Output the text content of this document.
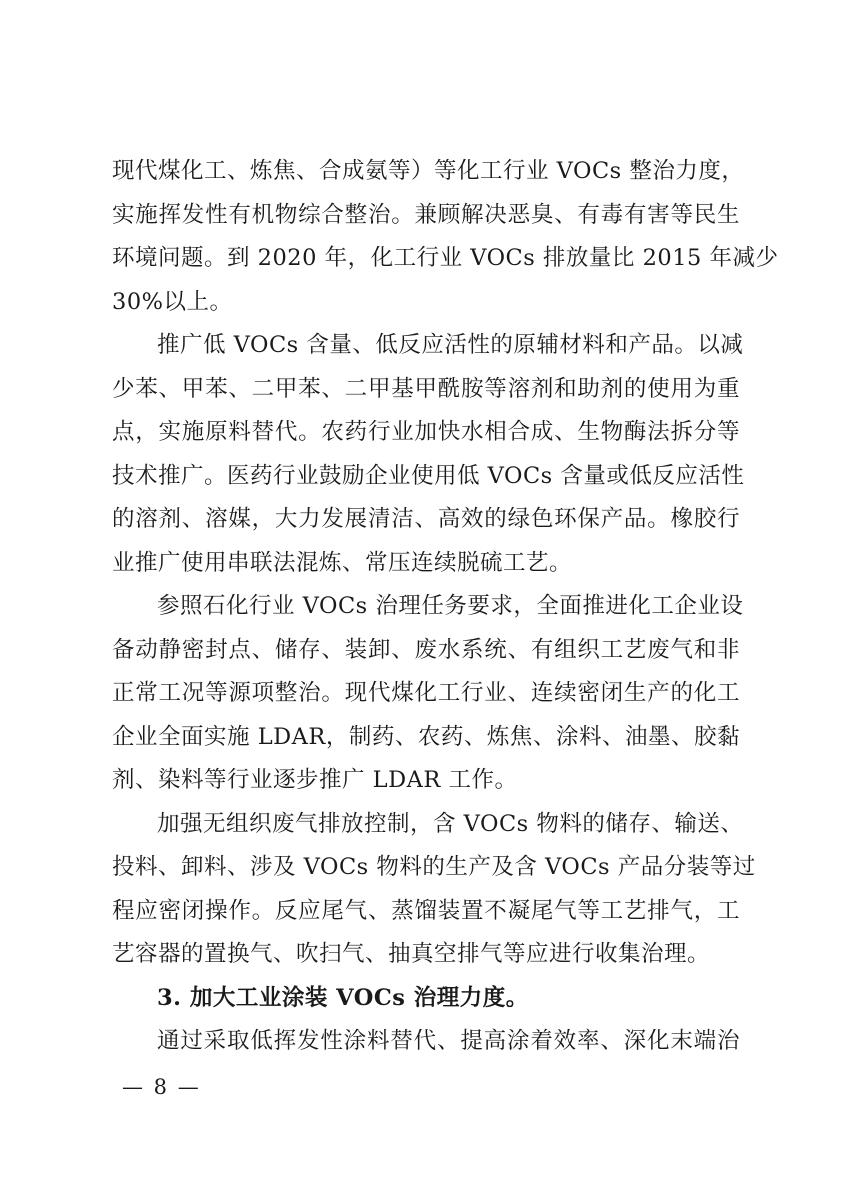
现代煤化工、炼焦、合成氨等）等化工行业 VOCs 整治力度，
实施挥发性有机物综合整治。兼顾解决恶臭、有毒有害等民生
环境问题。到 2020 年，化工行业 VOCs 排放量比 2015 年减少
30%以上。

推广低 VOCs 含量、低反应活性的原辅材料和产品。以减
少苯、甲苯、二甲苯、二甲基甲酰胺等溶剂和助剂的使用为重
点，实施原料替代。农药行业加快水相合成、生物酶法拆分等
技术推广。医药行业鼓励企业使用低 VOCs 含量或低反应活性
的溶剂、溶媒，大力发展清洁、高效的绿色环保产品。橡胶行
业推广使用串联法混炼、常压连续脱硫工艺。

参照石化行业 VOCs 治理任务要求，全面推进化工企业设
备动静密封点、储存、装卸、废水系统、有组织工艺废气和非
正常工况等源项整治。现代煤化工行业、连续密闭生产的化工
企业全面实施 LDAR，制药、农药、炼焦、涂料、油墨、胶黏
剂、染料等行业逐步推广 LDAR 工作。

加强无组织废气排放控制，含 VOCs 物料的储存、输送、
投料、卸料、涉及 VOCs 物料的生产及含 VOCs 产品分装等过
程应密闭操作。反应尾气、蒸馏装置不凝尾气等工艺排气，工
艺容器的置换气、吹扫气、抽真空排气等应进行收集治理。

3. 加大工业涂装 VOCs 治理力度。

通过采取低挥发性涂料替代、提高涂着效率、深化末端治

— 8 —
